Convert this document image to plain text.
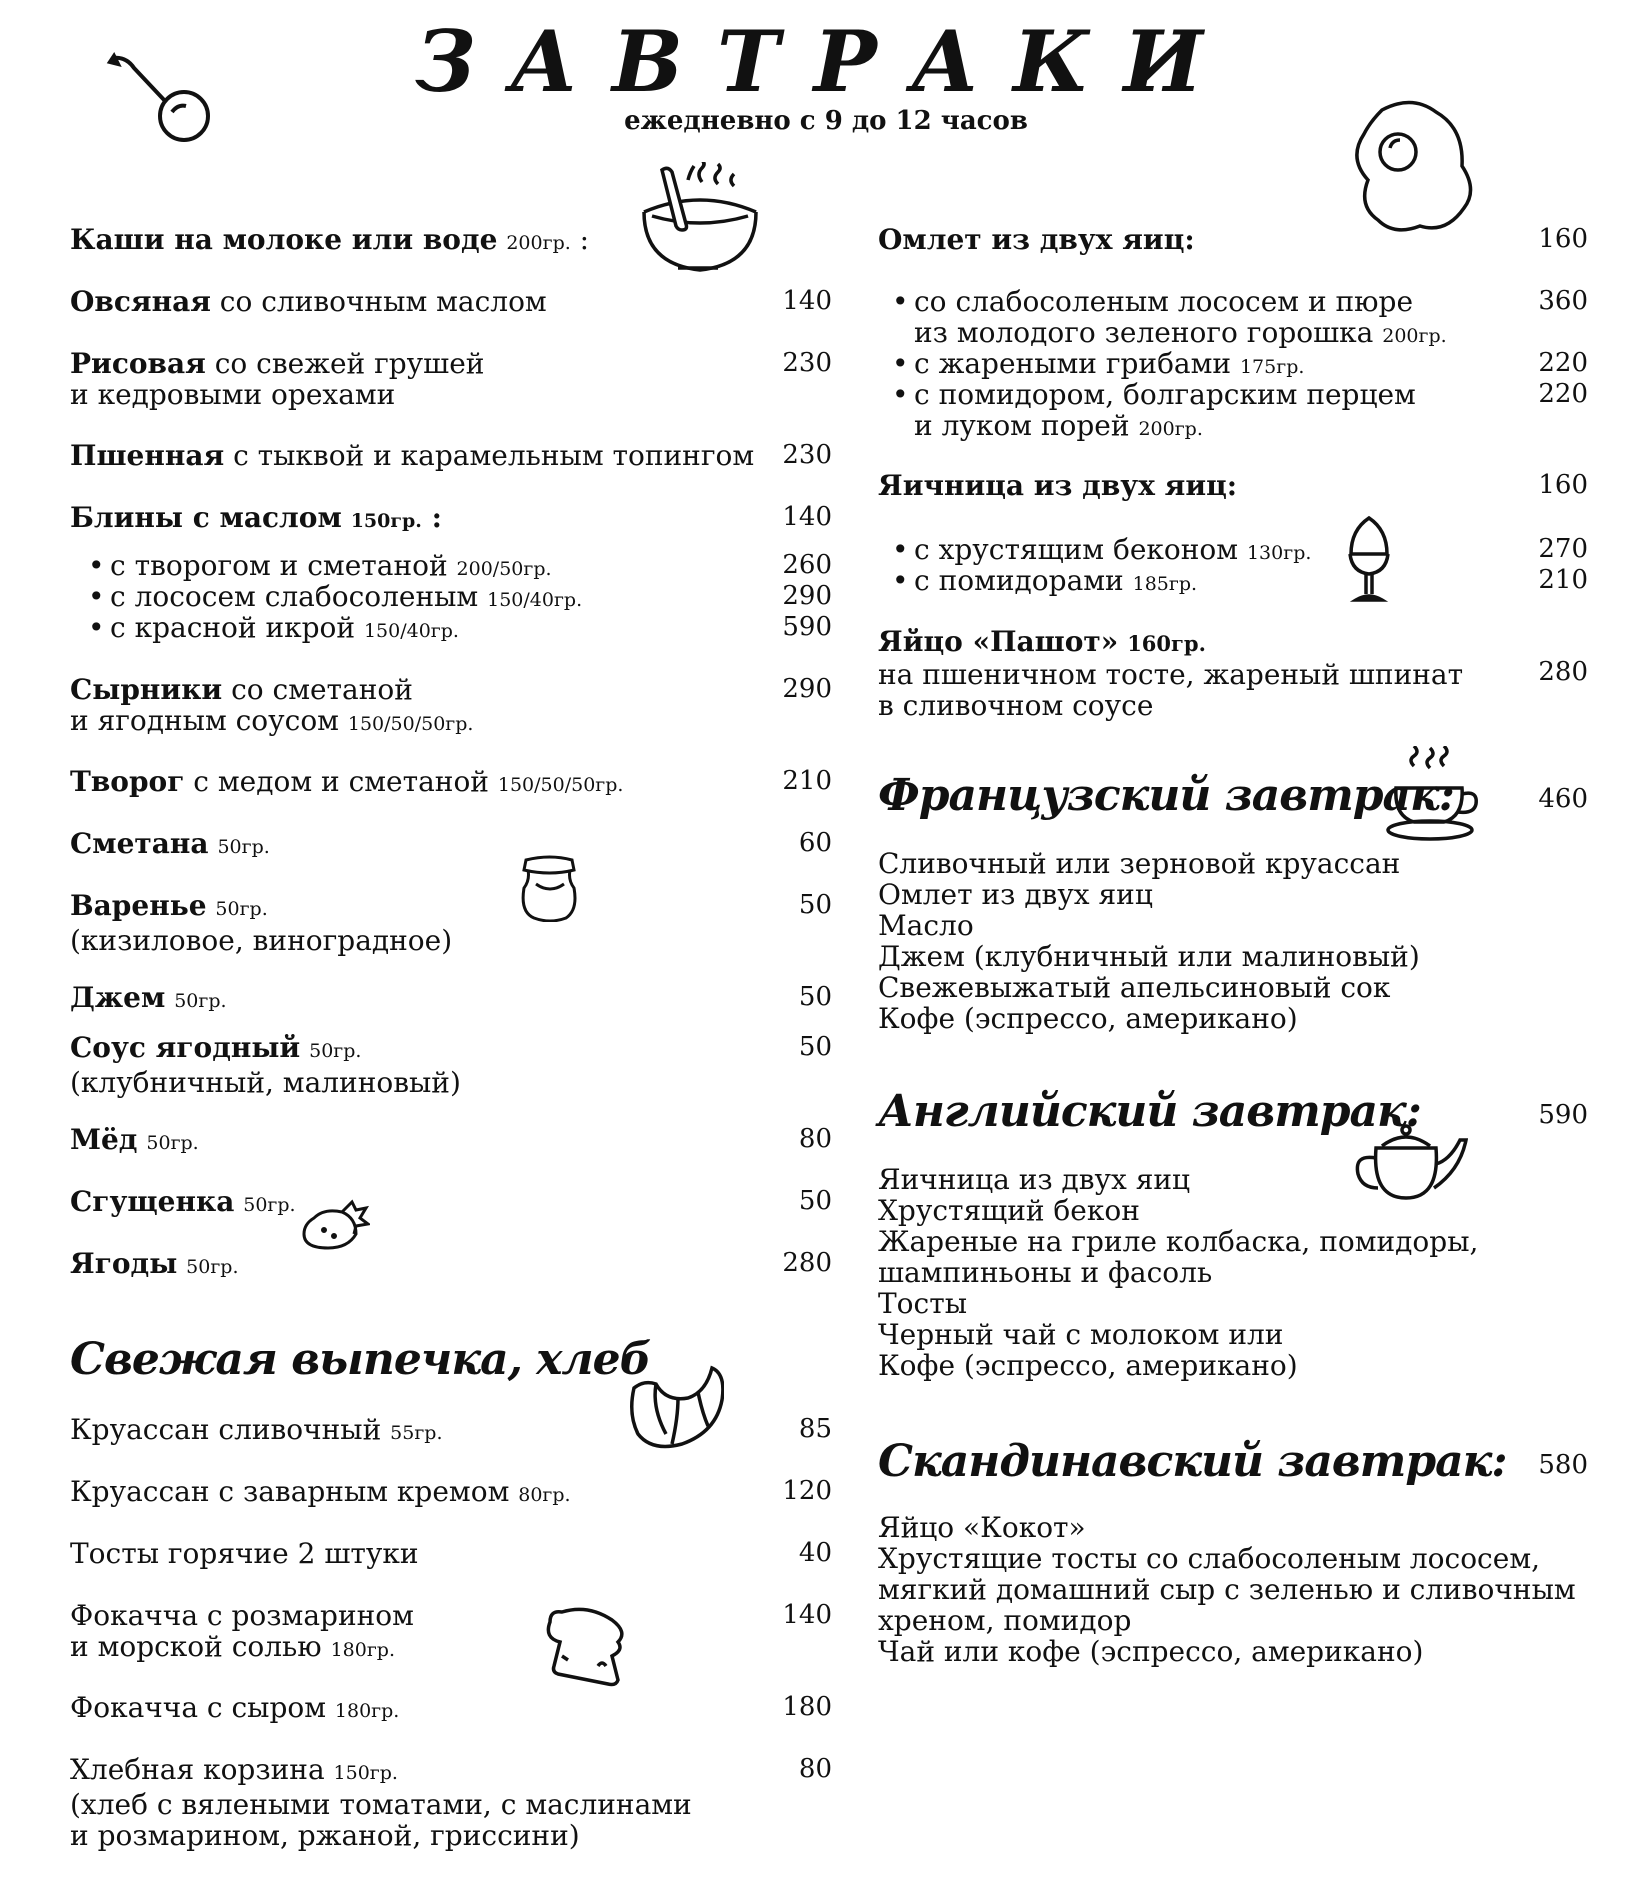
ЗАВТРАКИ
ежедневно с 9 до 12 часов
Каши на молоке или воде 200гр. :
Овсяная со сливочным маслом	140
Рисовая со свежей грушей
и кедровыми орехами
230
Пшенная с тыквой и карамельным топингом 230
Блины с маслом 150гр. :	140
• с творогом и сметаной 200/50гр.	260
• с лососем слабосоленым 150/40гр.	290
• с красной икрой 150/40гр.	590
Сырники со сметаной
и ягодным соусом 150/50/50гр.
290
Творог с медом и сметаной 150/50/50гр.	210
Сметана 50гр.	60
Варенье 50гр.
(кизиловое, виноградное)
50
Джем 50гр.	50
Соус ягодный 50гр.
(клубничный, малиновый)
50
Мёд 50гр.	80
Сгущенка 50гр.	50
Ягоды 50гр.	280
Свежая выпечка, хлеб
Круассан сливочный 55гр.	85
Круассан с заварным кремом 80гр.	120
Тосты горячие 2 штуки	40
Фокачча с розмарином
и морской солью 180гр.
140
Фокачча с сыром 180гр.	180
Хлебная корзина 150гр.
(хлеб с вялеными томатами, с маслинами
и розмарином, ржаной, гриссини)
80
Омлет из двух яиц:	160
• со слабосоленым лососем и пюре
из молодого зеленого горошка 200гр.
360
• с жареными грибами 175гр.	220
• с помидором, болгарским перцем
и луком порей 200гр.
220
Яичница из двух яиц:	160
• с хрустящим беконом 130гр.	270
• с помидорами 185гр.	210
Яйцо «Пашот» 160гр.
на пшеничном тосте, жареный шпинат
в сливочном соусе
280
Французский завтрак:	460
Сливочный или зерновой круассан
Омлет из двух яиц
Масло
Джем (клубничный или малиновый)
Свежевыжатый апельсиновый сок
Кофе (эспрессо, американо)
Английский завтрак:	590
Яичница из двух яиц
Хрустящий бекон
Жареные на гриле колбаска, помидоры,
шампиньоны и фасоль
Тосты
Черный чай с молоком или
Кофе (эспрессо, американо)
Скандинавский завтрак: 580
Яйцо «Кокот»
Хрустящие тосты со слабосоленым лососем,
мягкий домашний сыр с зеленью и сливочным
хреном, помидор
Чай или кофе (эспрессо, американо)
